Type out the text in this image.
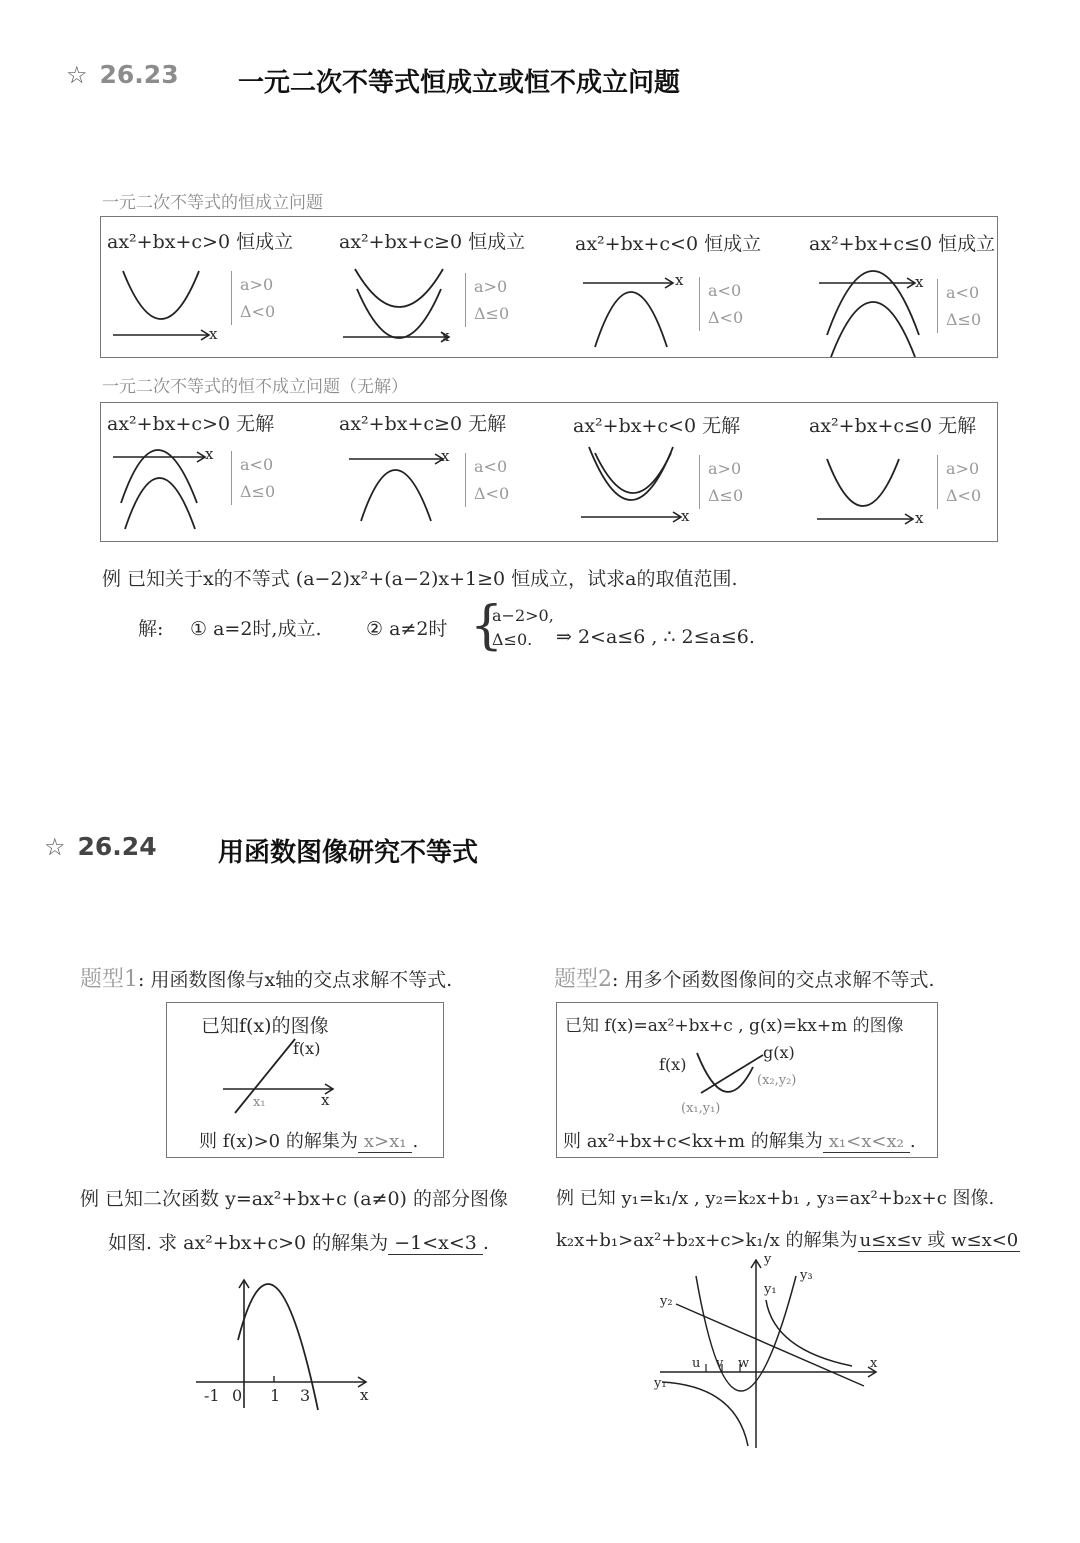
☆ 26.23 一元二次不等式恒成立或恒不成立问题
一元二次不等式的恒成立问题
ax²+bx+c>0 恒成立
x
a>0
Δ<0
ax²+bx+c≥0 恒成立
x
a>0
Δ≤0
ax²+bx+c<0 恒成立
x
a<0
Δ<0
ax²+bx+c≤0 恒成立
x
a<0
Δ≤0
一元二次不等式的恒不成立问题（无解）
ax²+bx+c>0 无解
x
a<0
Δ≤0
ax²+bx+c≥0 无解
x
a<0
Δ<0
ax²+bx+c<0 无解
x
a>0
Δ≤0
ax²+bx+c≤0 无解
x
a>0
Δ<0
例 已知关于x的不等式 (a−2)x²+(a−2)x+1≥0 恒成立，试求a的取值范围.
解: ① a=2时,成立. ② a≠2时 {
a−2>0,
Δ≤0.	⇒ 2<a≤6 , ∴ 2≤a≤6.
☆ 26.24 用函数图像研究不等式
题型1: 用函数图像与x轴的交点求解不等式.
已知f(x)的图像
f(x)
x₁	x
则 f(x)>0 的解集为 x>x₁ .
题型2: 用多个函数图像间的交点求解不等式.
已知 f(x)=ax²+bx+c , g(x)=kx+m 的图像
f(x)
g(x)
(x₂,y₂)
(x₁,y₁)
则 ax²+bx+c<kx+m 的解集为 x₁<x<x₂ .
例 已知二次函数 y=ax²+bx+c (a≠0) 的部分图像
如图. 求 ax²+bx+c>0 的解集为 −1<x<3 .
-1 0 1 3	x
例 已知 y₁=k₁/x , y₂=k₂x+b₁ , y₃=ax²+b₂x+c 图像.
k₂x+b₁>ax²+b₂x+c>k₁/x 的解集为 u≤x≤v 或 w≤x<0
y
x
y₁
y₃
y₂
y₁
u v w
